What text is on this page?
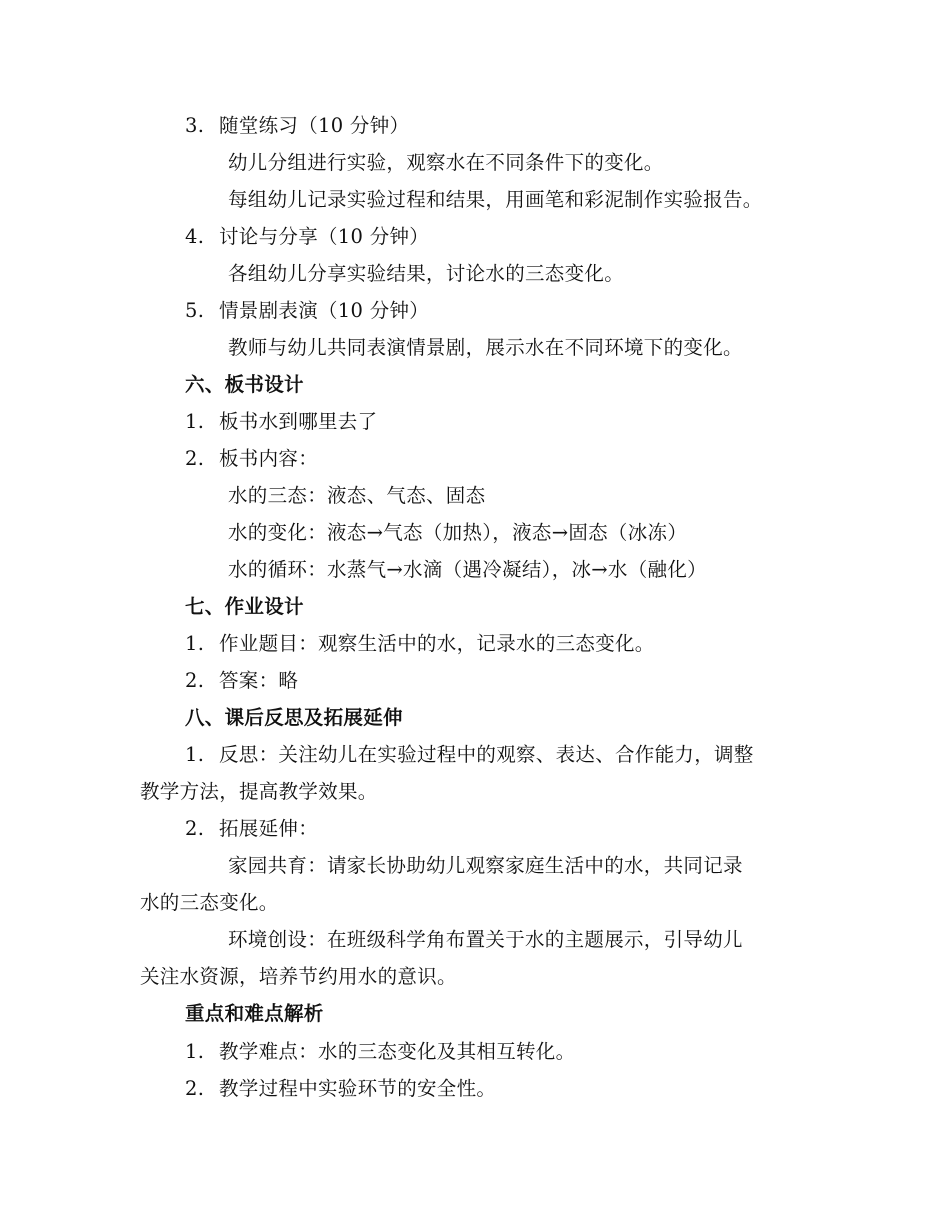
3. 随堂练习（10 分钟）
幼儿分组进行实验，观察水在不同条件下的变化。
每组幼儿记录实验过程和结果，用画笔和彩泥制作实验报告。
4. 讨论与分享（10 分钟）
各组幼儿分享实验结果，讨论水的三态变化。
5. 情景剧表演（10 分钟）
教师与幼儿共同表演情景剧，展示水在不同环境下的变化。
六、板书设计
1. 板书水到哪里去了
2. 板书内容：
水的三态：液态、气态、固态
水的变化：液态→气态（加热），液态→固态（冰冻）
水的循环：水蒸气→水滴（遇冷凝结），冰→水（融化）
七、作业设计
1. 作业题目：观察生活中的水，记录水的三态变化。
2. 答案：略
八、课后反思及拓展延伸
1. 反思：关注幼儿在实验过程中的观察、表达、合作能力，调整
教学方法，提高教学效果。
2. 拓展延伸：
家园共育：请家长协助幼儿观察家庭生活中的水，共同记录
水的三态变化。
环境创设：在班级科学角布置关于水的主题展示，引导幼儿
关注水资源，培养节约用水的意识。
重点和难点解析
1. 教学难点：水的三态变化及其相互转化。
2. 教学过程中实验环节的安全性。
